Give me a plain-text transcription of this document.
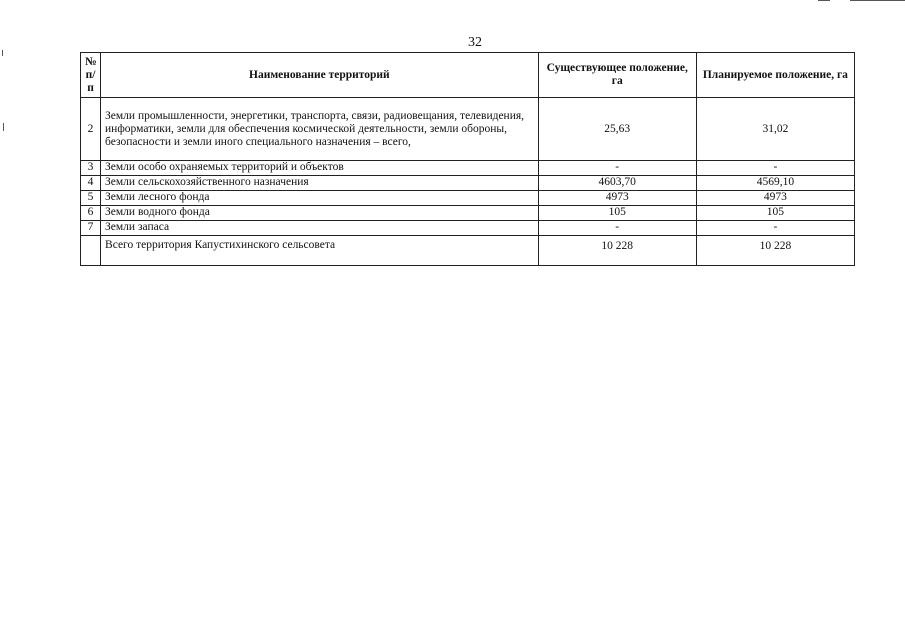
32
№ п/ п	Наименование территорий	Существующее положение, га	Планируемое положение, га
2	Земли промышленности, энергетики, транспорта, связи, радиовещания, телевидения, информатики, земли для обеспечения космической деятельности, земли обороны, безопасности и земли иного специального назначения – всего,	25,63	31,02
3	Земли особо охраняемых территорий и объектов	-	-
4	Земли сельскохозяйственного назначения	4603,70	4569,10
5	Земли лесного фонда	4973	4973
6	Земли водного фонда	105	105
7	Земли запаса	-	-
	Всего территория Капустихинского сельсовета	10 228	10 228
